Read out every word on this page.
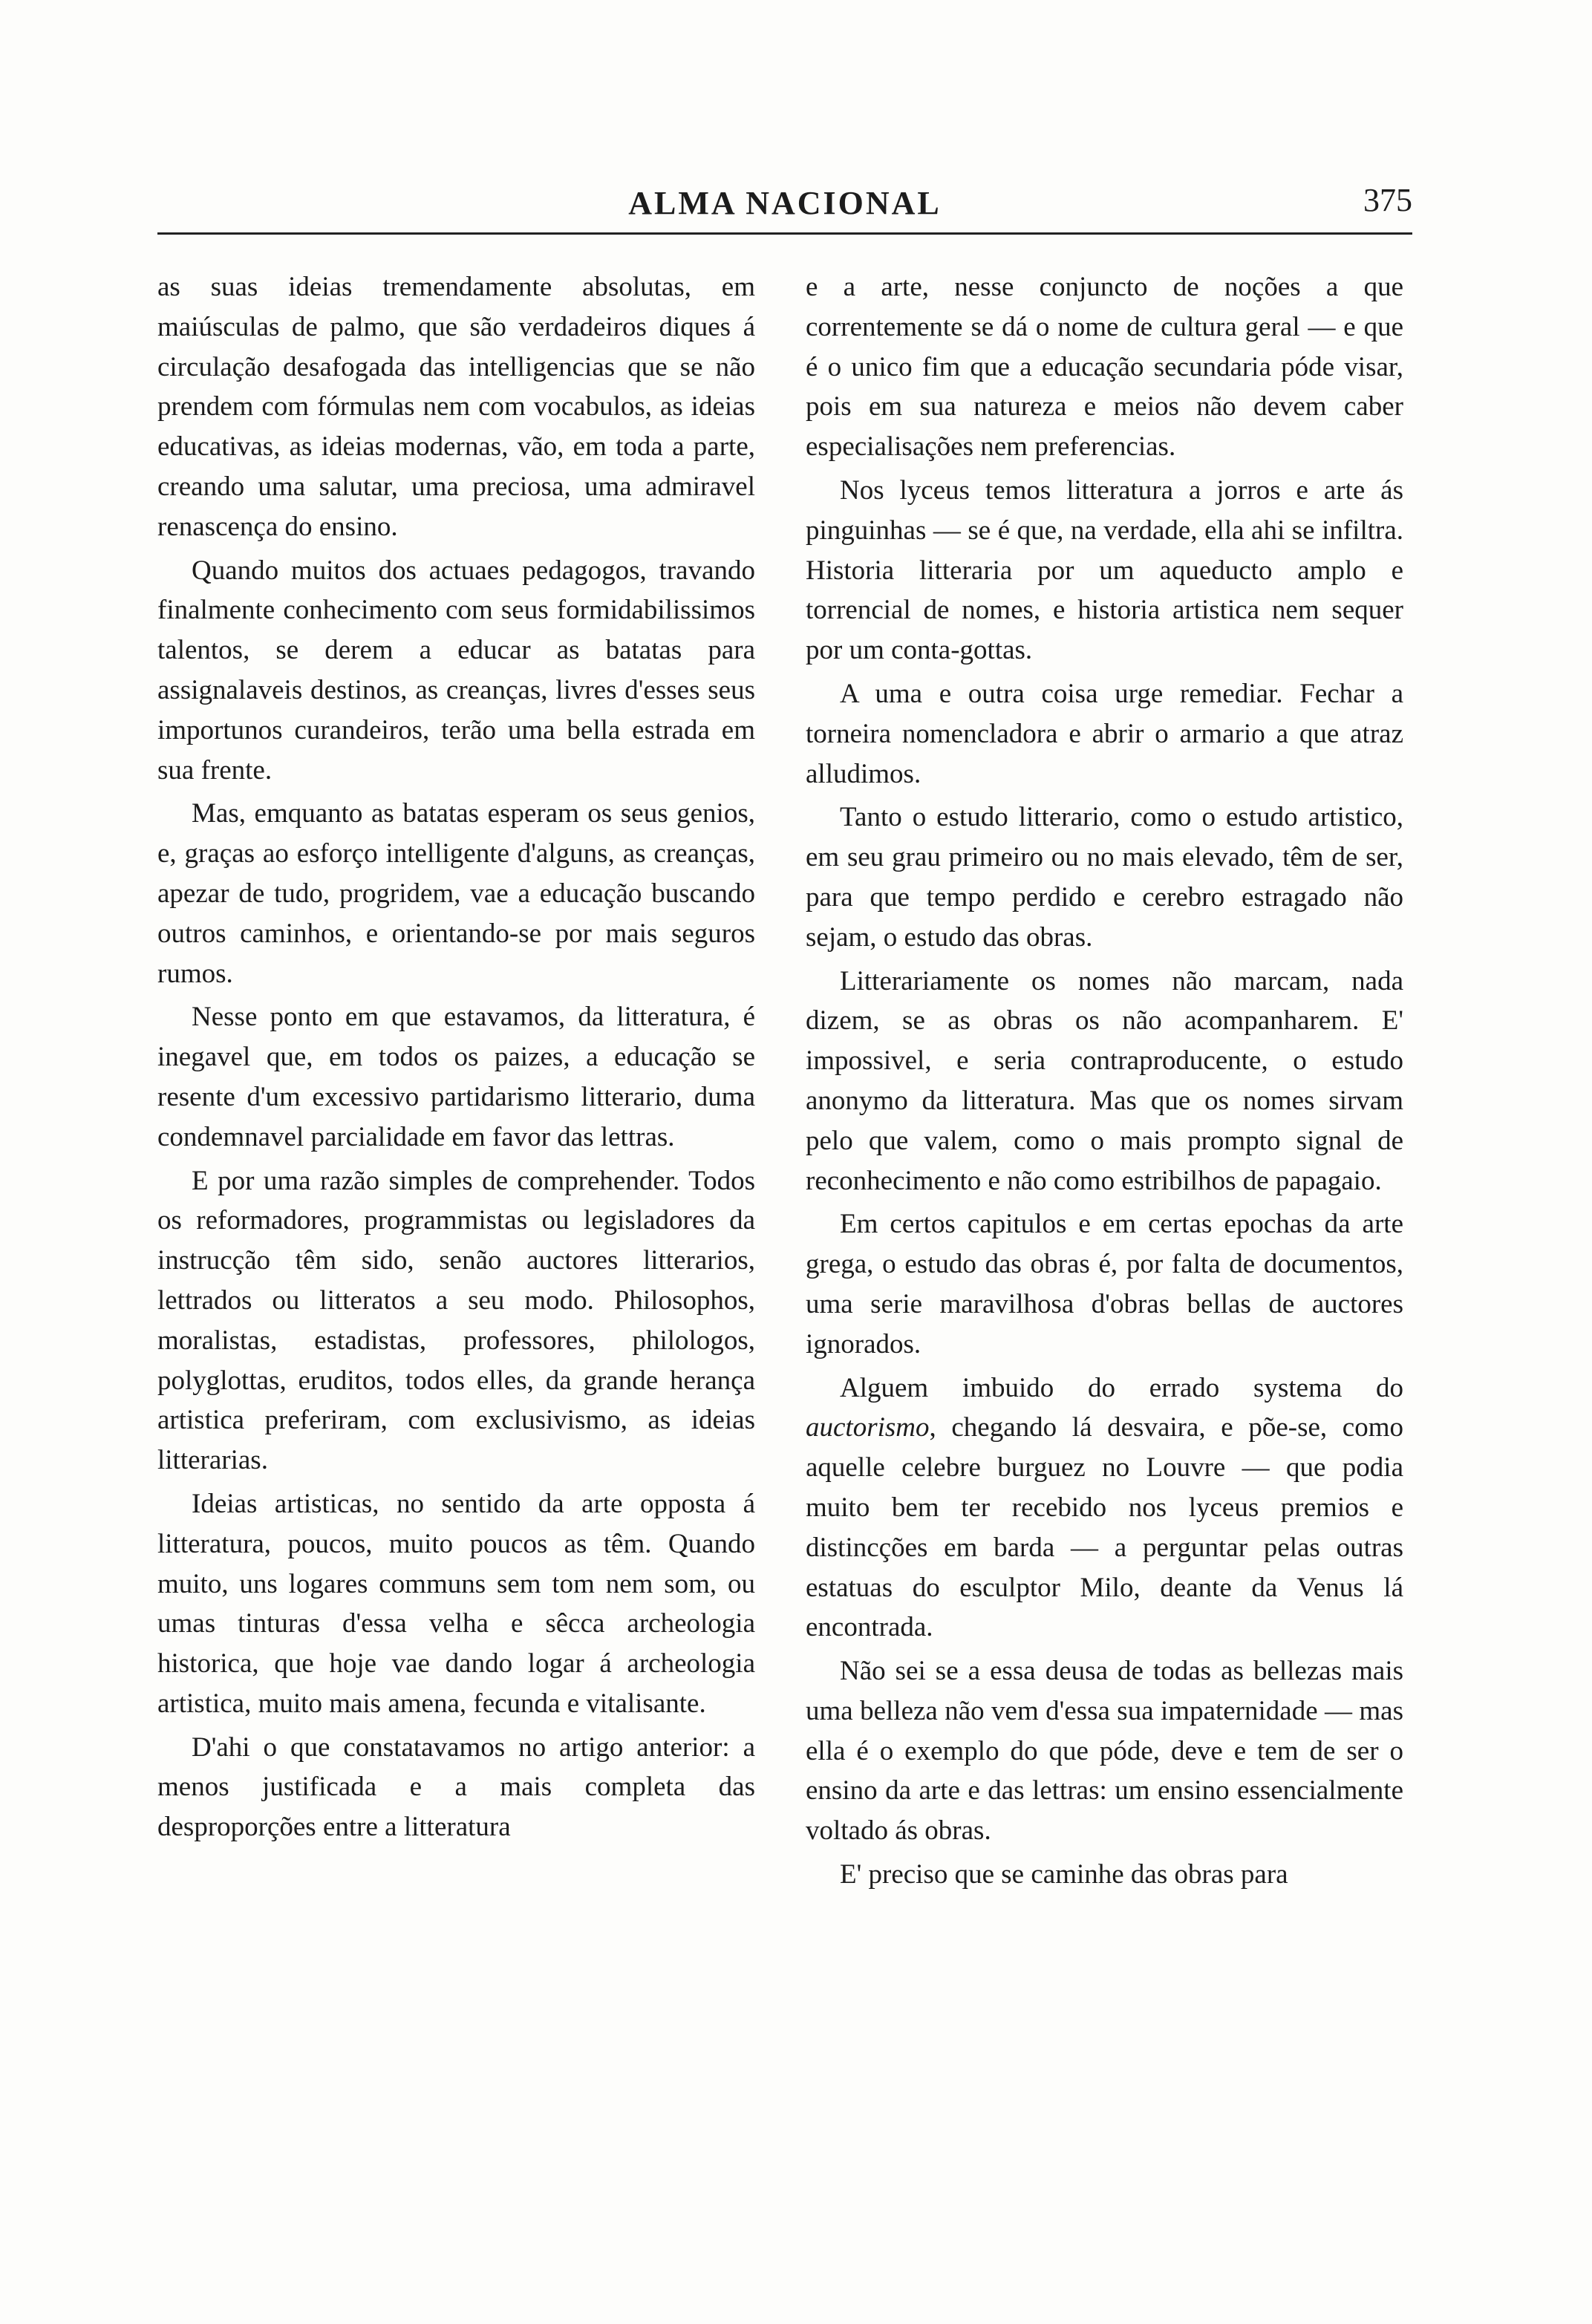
ALMA NACIONAL	375

as suas ideias tremendamente absolutas, em maiúsculas de palmo, que são verdadeiros diques á circulação desafogada das intelligencias que se não prendem com fórmulas nem com vocabulos, as ideias educativas, as ideias modernas, vão, em toda a parte, creando uma salutar, uma preciosa, uma admiravel renascença do ensino.

Quando muitos dos actuaes pedagogos, travando finalmente conhecimento com seus formidabilissimos talentos, se derem a educar as batatas para assignalaveis destinos, as creanças, livres d'esses seus importunos curandeiros, terão uma bella estrada em sua frente.

Mas, emquanto as batatas esperam os seus genios, e, graças ao esforço intelligente d'alguns, as creanças, apezar de tudo, progridem, vae a educação buscando outros caminhos, e orientando-se por mais seguros rumos.

Nesse ponto em que estavamos, da litteratura, é inegavel que, em todos os paizes, a educação se resente d'um excessivo partidarismo litterario, duma condemnavel parcialidade em favor das lettras.

E por uma razão simples de comprehender. Todos os reformadores, programmistas ou legisladores da instrucção têm sido, senão auctores litterarios, lettrados ou litteratos a seu modo. Philosophos, moralistas, estadistas, professores, philologos, polyglottas, eruditos, todos elles, da grande herança artistica preferiram, com exclusivismo, as ideias litterarias.

Ideias artisticas, no sentido da arte opposta á litteratura, poucos, muito poucos as têm. Quando muito, uns logares communs sem tom nem som, ou umas tinturas d'essa velha e sêcca archeologia historica, que hoje vae dando logar á archeologia artistica, muito mais amena, fecunda e vitalisante.

D'ahi o que constatavamos no artigo anterior: a menos justificada e a mais completa das desproporções entre a litteratura

e a arte, nesse conjuncto de noções a que correntemente se dá o nome de cultura geral — e que é o unico fim que a educação secundaria póde visar, pois em sua natureza e meios não devem caber especialisações nem preferencias.

Nos lyceus temos litteratura a jorros e arte ás pinguinhas — se é que, na verdade, ella ahi se infiltra. Historia litteraria por um aqueducto amplo e torrencial de nomes, e historia artistica nem sequer por um conta-gottas.

A uma e outra coisa urge remediar. Fechar a torneira nomencladora e abrir o armario a que atraz alludimos.

Tanto o estudo litterario, como o estudo artistico, em seu grau primeiro ou no mais elevado, têm de ser, para que tempo perdido e cerebro estragado não sejam, o estudo das obras.

Litterariamente os nomes não marcam, nada dizem, se as obras os não acompanharem. E' impossivel, e seria contraproducente, o estudo anonymo da litteratura. Mas que os nomes sirvam pelo que valem, como o mais prompto signal de reconhecimento e não como estribilhos de papagaio.

Em certos capitulos e em certas epochas da arte grega, o estudo das obras é, por falta de documentos, uma serie maravilhosa d'obras bellas de auctores ignorados.

Alguem imbuido do errado systema do auctorismo, chegando lá desvaira, e põe-se, como aquelle celebre burguez no Louvre — que podia muito bem ter recebido nos lyceus premios e distincções em barda — a perguntar pelas outras estatuas do esculptor Milo, deante da Venus lá encontrada.

Não sei se a essa deusa de todas as bellezas mais uma belleza não vem d'essa sua impaternidade — mas ella é o exemplo do que póde, deve e tem de ser o ensino da arte e das lettras: um ensino essencialmente voltado ás obras.

E' preciso que se caminhe das obras para
